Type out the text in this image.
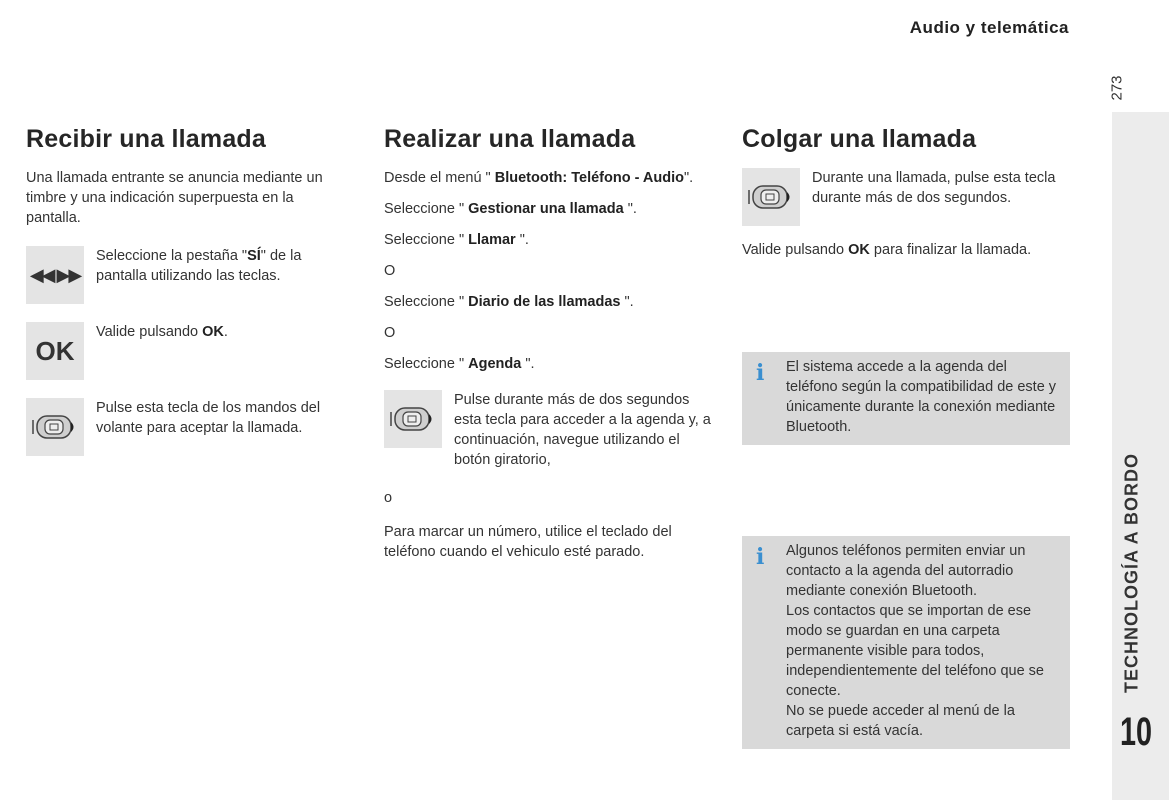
Audio y telemática
273
TECHNOLOGÍA A BORDO
10
Recibir una llamada

Una llamada entrante se anuncia mediante un timbre y una indicación superpuesta en la pantalla.

◀◀ ▶▶

Seleccione la pestaña "SÍ" de la pantalla utilizando las teclas.

OK

Valide pulsando OK.

Pulse esta tecla de los mandos del volante para aceptar la llamada.

Realizar una llamada

Desde el menú " Bluetooth: Teléfono - Audio".

Seleccione " Gestionar una llamada ".

Seleccione " Llamar ".

O

Seleccione " Diario de las llamadas ".

O

Seleccione " Agenda ".

Pulse durante más de dos segundos esta tecla para acceder a la agenda y, a continuación, navegue utilizando el botón giratorio,

o

Para marcar un número, utilice el teclado del teléfono cuando el vehiculo esté parado.

Colgar una llamada

Durante una llamada, pulse esta tecla durante más de dos segundos.

Valide pulsando OK para finalizar la llamada.

i El sistema accede a la agenda del teléfono según la compatibilidad de este y únicamente durante la conexión mediante Bluetooth.
i Algunos teléfonos permiten enviar un contacto a la agenda del autorradio mediante conexión Bluetooth.
Los contactos que se importan de ese modo se guardan en una carpeta permanente visible para todos, independientemente del teléfono que se conecte.
No se puede acceder al menú de la carpeta si está vacía.
